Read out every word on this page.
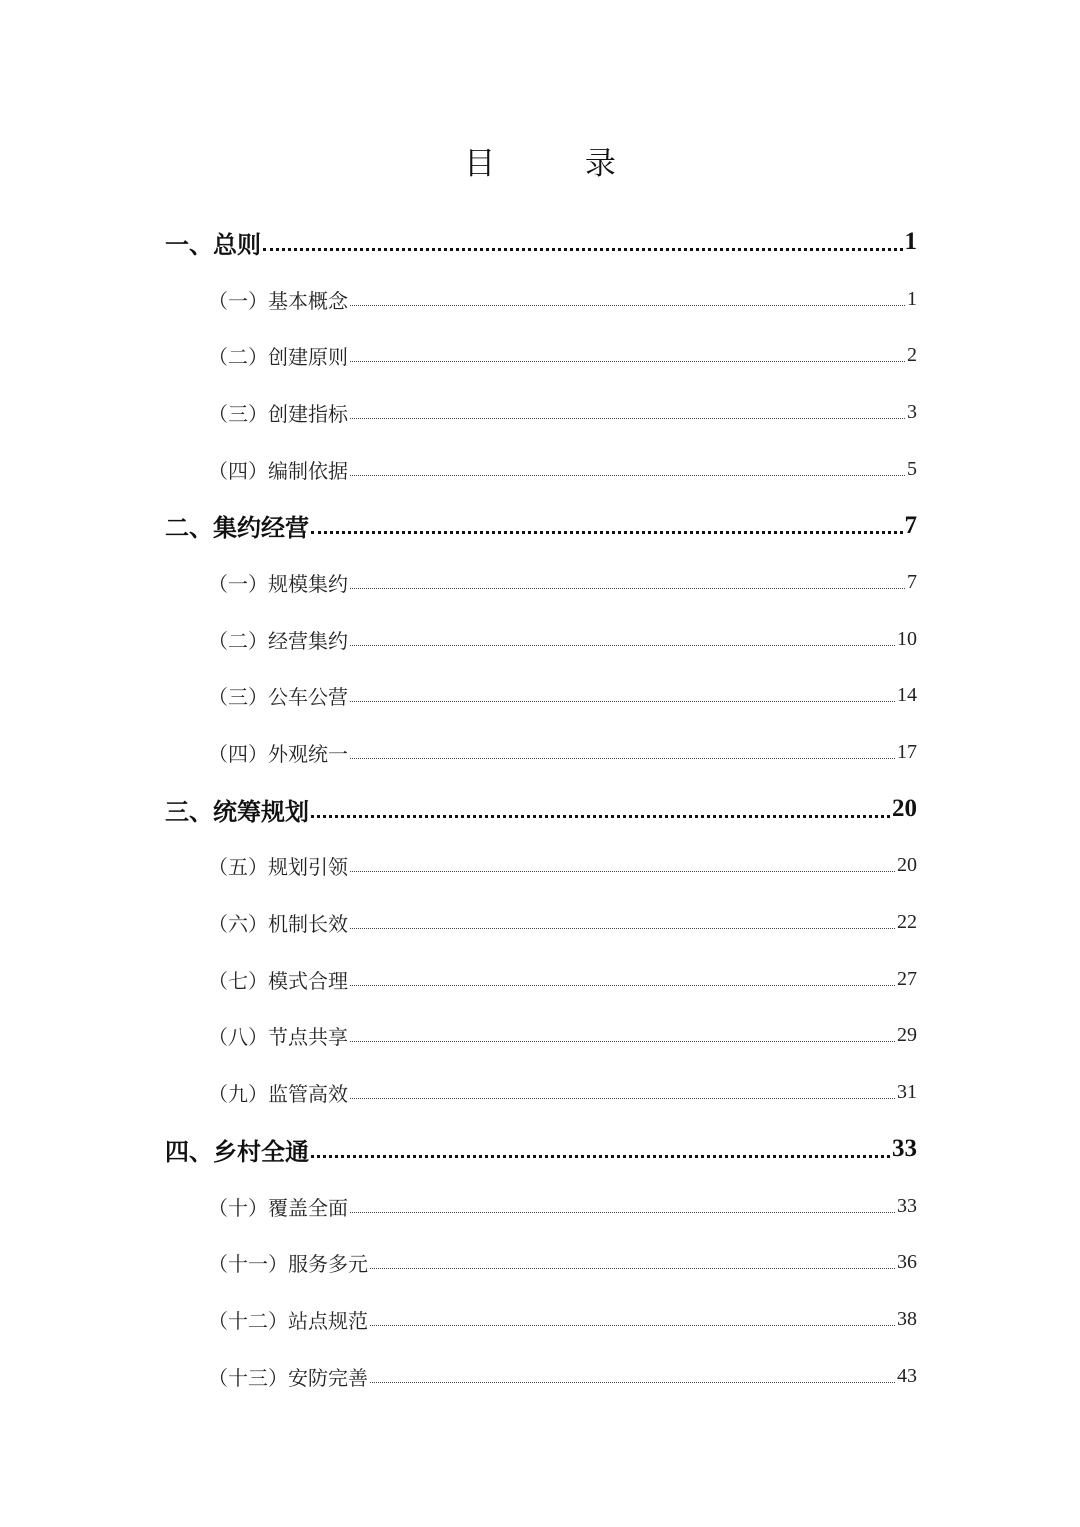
目 录
一、总则	1
（一）基本概念	1
（二）创建原则	2
（三）创建指标	3
（四）编制依据	5
二、集约经营	7
（一）规模集约	7
（二）经营集约	10
（三）公车公营	14
（四）外观统一	17
三、统筹规划	20
（五）规划引领	20
（六）机制长效	22
（七）模式合理	27
（八）节点共享	29
（九）监管高效	31
四、乡村全通	33
（十）覆盖全面	33
（十一）服务多元	36
（十二）站点规范	38
（十三）安防完善	43
